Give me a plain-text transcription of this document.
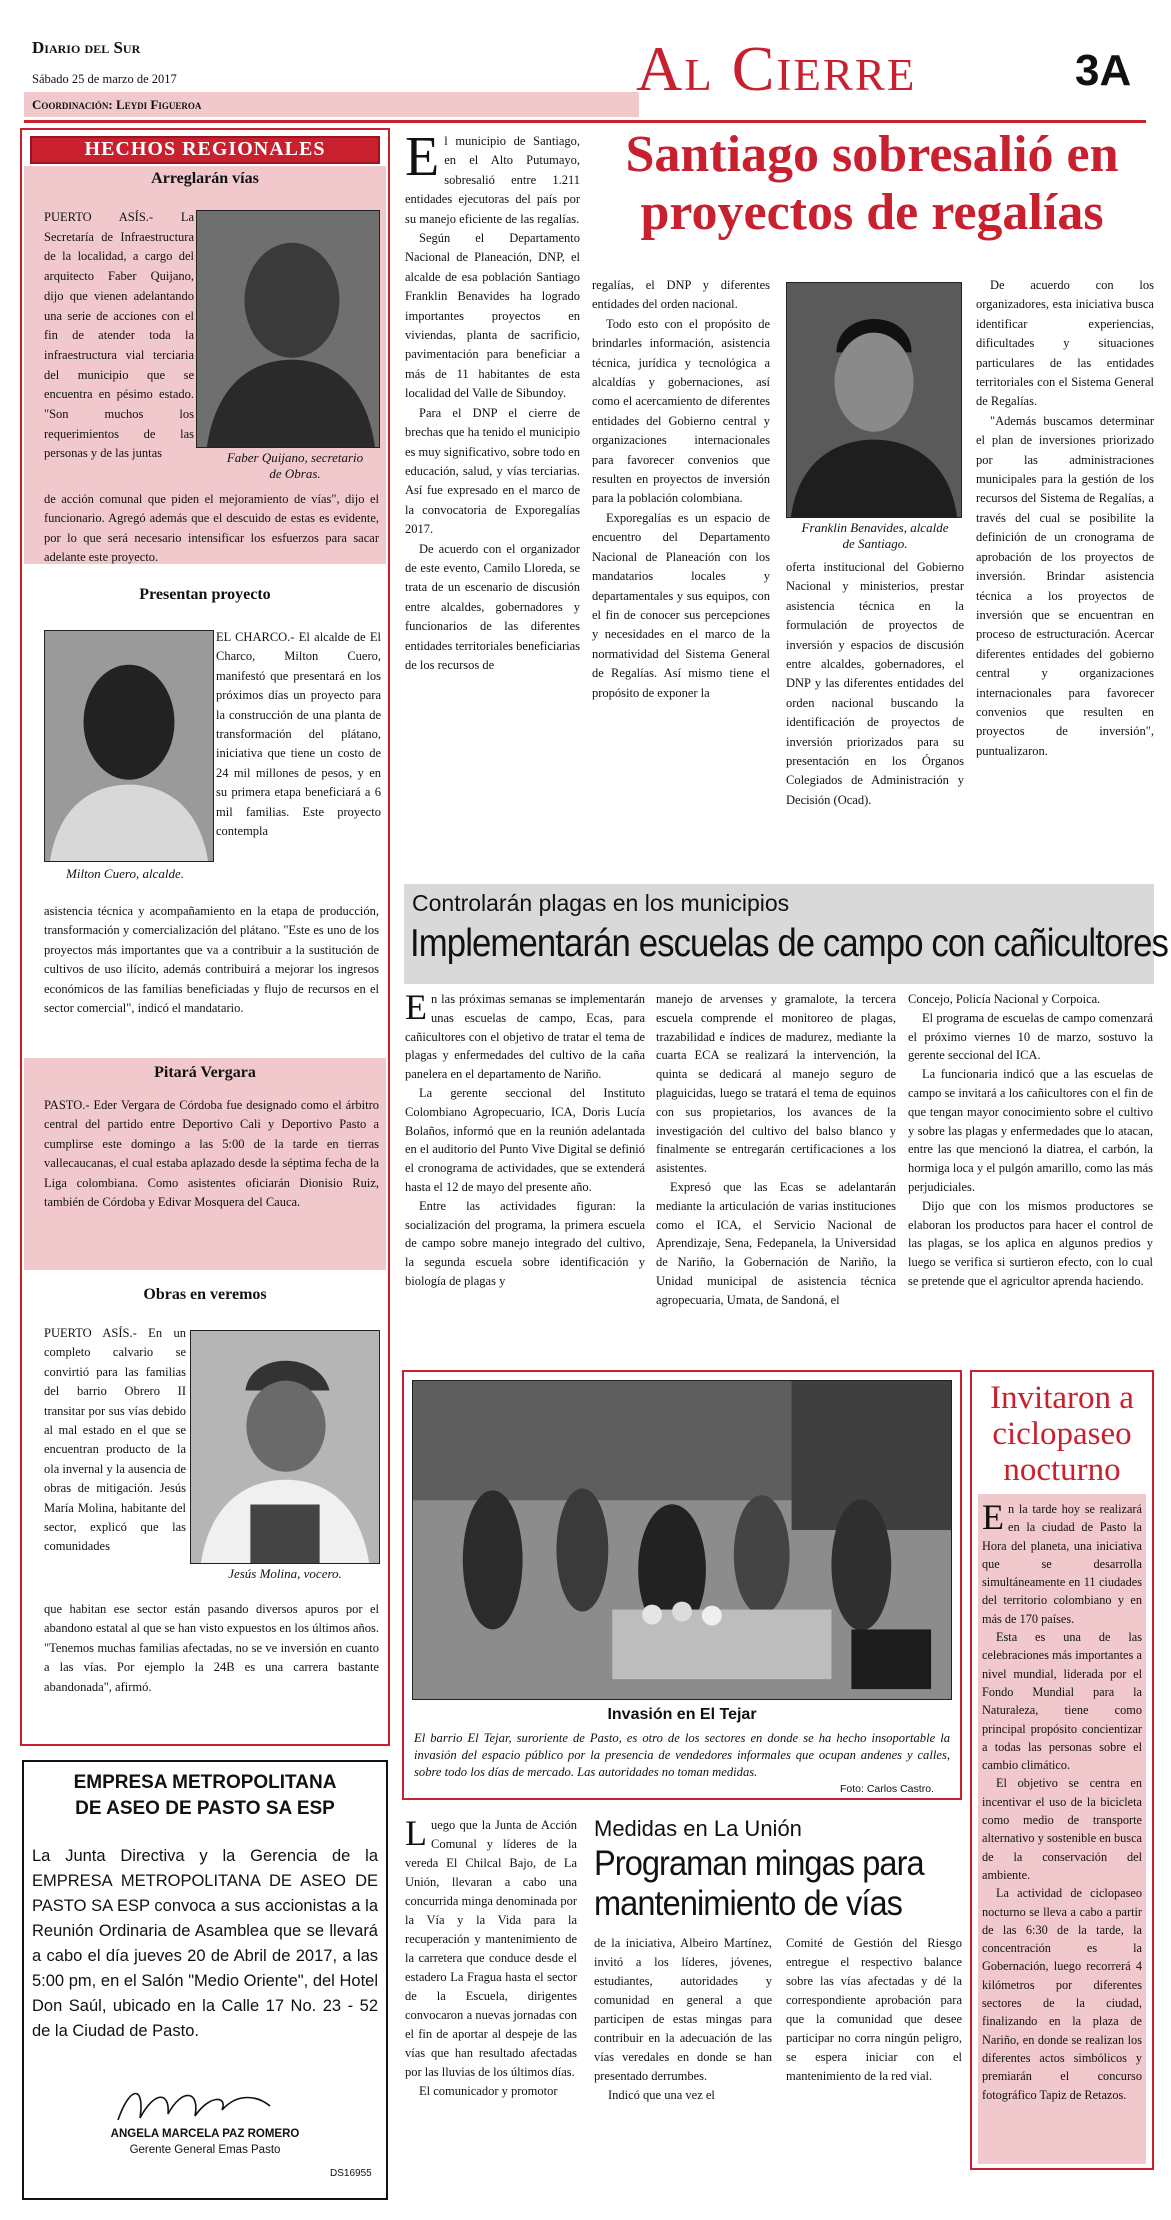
Diario del Sur
Sábado 25 de marzo de 2017
Coordinación: Leydi Figueroa
Al Cierre	3A
HECHOS REGIONALES
Arreglarán vías
PUERTO ASÍS.- La Secretaría de Infraestructura de la localidad, a cargo del arquitecto Faber Quijano, dijo que vienen adelantando una serie de acciones con el fin de atender toda la infraestructura vial terciaria del municipio que se encuentra en pésimo estado. "Son muchos los requerimientos de las personas y de las juntas	Faber Quijano, secretario de Obras.
de acción comunal que piden el mejoramiento de vías", dijo el funcionario. Agregó además que el descuido de estas es evidente, por lo que será necesario intensificar los esfuerzos para sacar adelante este proyecto.
Presentan proyecto
Milton Cuero, alcalde.
EL CHARCO.- El alcalde de El Charco, Milton Cuero, manifestó que presentará en los próximos días un proyecto para la construcción de una planta de transformación del plátano, iniciativa que tiene un costo de 24 mil millones de pesos, y en su primera etapa beneficiará a 6 mil familias. Este proyecto contempla
asistencia técnica y acompañamiento en la etapa de producción, transformación y comercialización del plátano. "Este es uno de los proyectos más importantes que va a contribuir a la sustitución de cultivos de uso ilícito, además contribuirá a mejorar los ingresos económicos de las familias beneficiadas y flujo de recursos en el sector comercial", indicó el mandatario.
Pitará Vergara
PASTO.- Eder Vergara de Córdoba fue designado como el árbitro central del partido entre Deportivo Cali y Deportivo Pasto a cumplirse este domingo a las 5:00 de la tarde en tierras vallecaucanas, el cual estaba aplazado desde la séptima fecha de la Liga colombiana. Como asistentes oficiarán Dionisio Ruiz, también de Córdoba y Edivar Mosquera del Cauca.
Obras en veremos
PUERTO ASÍS.- En un completo calvario se convirtió para las familias del barrio Obrero II transitar por sus vías debido al mal estado en el que se encuentran producto de la ola invernal y la ausencia de obras de mitigación. Jesús María Molina, habitante del sector, explicó que las comunidades
Jesús Molina, vocero.
que habitan ese sector están pasando diversos apuros por el abandono estatal al que se han visto expuestos en los últimos años. "Tenemos muchas familias afectadas, no se ve inversión en cuanto a las vías. Por ejemplo la 24B es una carrera bastante abandonada", afirmó.
EMPRESA METROPOLITANA
DE ASEO DE PASTO SA ESP
La Junta Directiva y la Gerencia de la EMPRESA METROPOLITANA DE ASEO DE PASTO SA ESP convoca a sus accionistas a la Reunión Ordinaria de Asamblea que se llevará a cabo el día jueves 20 de Abril de 2017, a las 5:00 pm, en el Salón "Medio Oriente", del Hotel Don Saúl, ubicado en la Calle 17 No. 23 - 52 de la Ciudad de Pasto.
ANGELA MARCELA PAZ ROMERO
Gerente General Emas Pasto
DS16955
Santiago sobresalió en proyectos de regalías

El municipio de Santiago, en el Alto Putumayo, sobresalió entre 1.211 entidades ejecutoras del país por su manejo eficiente de las regalías.

Según el Departamento Nacional de Planeación, DNP, el alcalde de esa población Santiago Franklin Benavides ha logrado importantes proyectos en viviendas, planta de sacrificio, pavimentación para beneficiar a más de 11 habitantes de esta localidad del Valle de Sibundoy.

Para el DNP el cierre de brechas que ha tenido el municipio es muy significativo, sobre todo en educación, salud, y vías terciarias. Así fue expresado en el marco de la convocatoria de Exporegalías 2017.

De acuerdo con el organizador de este evento, Camilo Lloreda, se trata de un escenario de discusión entre alcaldes, gobernadores y funcionarios de las diferentes entidades territoriales beneficiarias de los recursos de

regalías, el DNP y diferentes entidades del orden nacional.

Todo esto con el propósito de brindarles información, asistencia técnica, jurídica y tecnológica a alcaldías y gobernaciones, así como el acercamiento de diferentes entidades del Gobierno central y organizaciones internacionales para favorecer convenios que resulten en proyectos de inversión para la población colombiana.

Exporegalías es un espacio de encuentro del Departamento Nacional de Planeación con los mandatarios locales y departamentales y sus equipos, con el fin de conocer sus percepciones y necesidades en el marco de la normatividad del Sistema General de Regalías. Así mismo tiene el propósito de exponer la

Franklin Benavides, alcalde de Santiago.

oferta institucional del Gobierno Nacional y ministerios, prestar asistencia técnica en la formulación de proyectos de inversión y espacios de discusión entre alcaldes, gobernadores, el DNP y las diferentes entidades del orden nacional buscando la identificación de proyectos de inversión priorizados para su presentación en los Órganos Colegiados de Administración y Decisión (Ocad).

De acuerdo con los organizadores, esta iniciativa busca identificar experiencias, dificultades y situaciones particulares de las entidades territoriales con el Sistema General de Regalías.

"Además buscamos determinar el plan de inversiones priorizado por las administraciones municipales para la gestión de los recursos del Sistema de Regalías, a través del cual se posibilite la definición de un cronograma de aprobación de los proyectos de inversión. Brindar asistencia técnica a los proyectos de inversión que se encuentran en proceso de estructuración. Acercar diferentes entidades del gobierno central y organizaciones internacionales para favorecer convenios que resulten en proyectos de inversión", puntualizaron.

Controlarán plagas en los municipios
Implementarán escuelas de campo con cañicultores

En las próximas semanas se implementarán unas escuelas de campo, Ecas, para cañicultores con el objetivo de tratar el tema de plagas y enfermedades del cultivo de la caña panelera en el departamento de Nariño.

La gerente seccional del Instituto Colombiano Agropecuario, ICA, Doris Lucía Bolaños, informó que en la reunión adelantada en el auditorio del Punto Vive Digital se definió el cronograma de actividades, que se extenderá hasta el 12 de mayo del presente año.

Entre las actividades figuran: la socialización del programa, la primera escuela de campo sobre manejo integrado del cultivo, la segunda escuela sobre identificación y biología de plagas y

manejo de arvenses y gramalote, la tercera escuela comprende el monitoreo de plagas, trazabilidad e índices de madurez, mediante la cuarta ECA se realizará la intervención, la quinta se dedicará al manejo seguro de plaguicidas, luego se tratará el tema de equinos con sus propietarios, los avances de la investigación del cultivo del balso blanco y finalmente se entregarán certificaciones a los asistentes.

Expresó que las Ecas se adelantarán mediante la articulación de varias instituciones como el ICA, el Servicio Nacional de Aprendizaje, Sena, Fedepanela, la Universidad de Nariño, la Gobernación de Nariño, la Unidad municipal de asistencia técnica agropecuaria, Umata, de Sandoná, el

Concejo, Policía Nacional y Corpoica.

El programa de escuelas de campo comenzará el próximo viernes 10 de marzo, sostuvo la gerente seccional del ICA.

La funcionaria indicó que a las escuelas de campo se invitará a los cañicultores con el fin de que tengan mayor conocimiento sobre el cultivo y sobre las plagas y enfermedades que lo atacan, entre las que mencionó la diatrea, el carbón, la hormiga loca y el pulgón amarillo, como las más perjudiciales.

Dijo que con los mismos productores se elaboran los productos para hacer el control de las plagas, se los aplica en algunos predios y luego se verifica si surtieron efecto, con lo cual se pretende que el agricultor aprenda haciendo.

Invasión en El Tejar
El barrio El Tejar, suroriente de Pasto, es otro de los sectores en donde se ha hecho insoportable la invasión del espacio público por la presencia de vendedores informales que ocupan andenes y calles, sobre todo los días de mercado. Las autoridades no toman medidas.
Foto: Carlos Castro.

Luego que la Junta de Acción Comunal y líderes de la vereda El Chilcal Bajo, de La Unión, llevaran a cabo una concurrida minga denominada por la Vía y la Vida para la recuperación y mantenimiento de la carretera que conduce desde el estadero La Fragua hasta el sector de la Escuela, dirigentes convocaron a nuevas jornadas con el fin de aportar al despeje de las vías que han resultado afectadas por las lluvias de los últimos días.

El comunicador y promotor

Medidas en La Unión
Programan mingas para mantenimiento de vías

de la iniciativa, Albeiro Martínez, invitó a los líderes, jóvenes, estudiantes, autoridades y comunidad en general a que participen de estas mingas para contribuir en la adecuación de las vías veredales en donde se han presentado derrumbes.

Indicó que una vez el

Comité de Gestión del Riesgo entregue el respectivo balance sobre las vías afectadas y dé la correspondiente aprobación para que la comunidad que desee participar no corra ningún peligro, se espera iniciar con el mantenimiento de la red vial.

Invitaron a ciclopaseo nocturno

En la tarde hoy se realizará en la ciudad de Pasto la Hora del planeta, una iniciativa que se desarrolla simultáneamente en 11 ciudades del territorio colombiano y en más de 170 países.

Esta es una de las celebraciones más importantes a nivel mundial, liderada por el Fondo Mundial para la Naturaleza, tiene como principal propósito concientizar a todas las personas sobre el cambio climático.

El objetivo se centra en incentivar el uso de la bicicleta como medio de transporte alternativo y sostenible en busca de la conservación del ambiente.

La actividad de ciclopaseo nocturno se lleva a cabo a partir de las 6:30 de la tarde, la concentración es la Gobernación, luego recorrerá 4 kilómetros por diferentes sectores de la ciudad, finalizando en la plaza de Nariño, en donde se realizan los diferentes actos simbólicos y premiarán el concurso fotográfico Tapiz de Retazos.
